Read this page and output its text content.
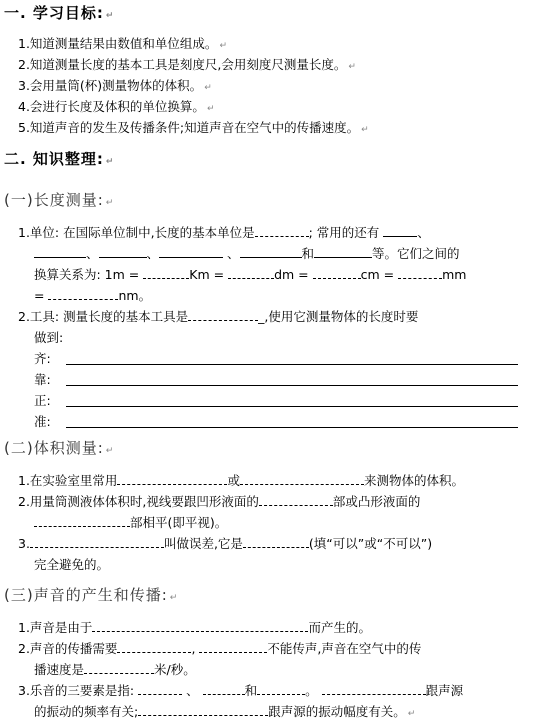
一. 学习目标: ↵
1.知道测量结果由数值和单位组成。 ↵
2.知道测量长度的基本工具是刻度尺,会用刻度尺测量长度。 ↵
3.会用量筒(杯)测量物体的体积。 ↵
4.会进行长度及体积的单位换算。 ↵
5.知道声音的发生及传播条件;知道声音在空气中的传播速度。 ↵
二. 知识整理: ↵
(一)长度测量: ↵
1.单位: 在国际单位制中,长度的基本单位是	; 常用的还有	、
、	、	、	和	等。它们之间的
换算关系为: 1m =	Km =	dm =	cm =	mm
=	nm。
2.工具: 测量长度的基本工具是	_,使用它测量物体的长度时要
做到:
齐:
靠:
正:
准:
(二)体积测量: ↵
1.在实验室里常用	或	来测物体的体积。
2.用量筒测液体体积时,视线要跟凹形液面的	部或凸形液面的
部相平(即平视)。
3.	叫做误差,它是	(填“可以”或“不可以”)
完全避免的。
(三)声音的产生和传播: ↵
1.声音是由于	而产生的。
2.声音的传播需要	,	不能传声,声音在空气中的传
播速度是	米/秒。
3.乐音的三要素是指:	、	和	。	跟声源
的振动的频率有关;	跟声源的振动幅度有关。 ↵
